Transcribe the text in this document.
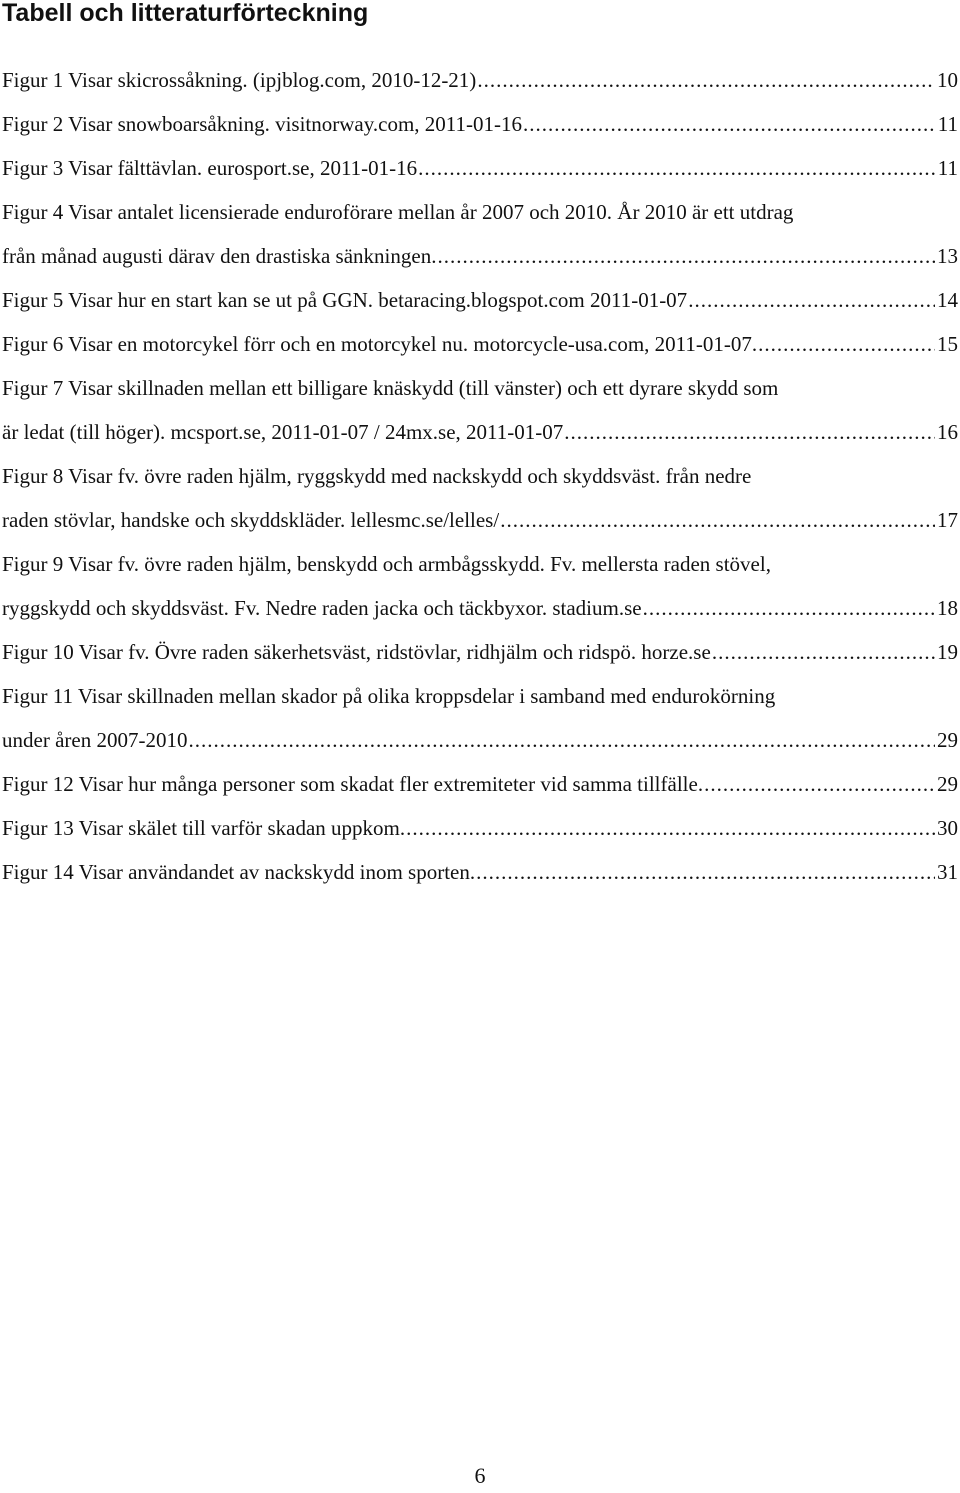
Tabell och litteraturförteckning
Figur 1 Visar skicrossåkning. (ipjblog.com, 2010-12-21) .....	10
Figur 2 Visar snowboarsåkning. visitnorway.com, 2011-01-16 .....	11
Figur 3 Visar fälttävlan. eurosport.se, 2011-01-16 .....	11
Figur 4 Visar antalet licensierade enduroförare mellan år 2007 och 2010. År 2010 är ett utdrag
från månad augusti därav den drastiska sänkningen. .....	13
Figur 5 Visar hur en start kan se ut på GGN. betaracing.blogspot.com 2011-01-07 .....	14
Figur 6 Visar en motorcykel förr och en motorcykel nu. motorcycle-usa.com, 2011-01-07. .....	15
Figur 7 Visar skillnaden mellan ett billigare knäskydd (till vänster) och ett dyrare skydd som
är ledat (till höger). mcsport.se, 2011-01-07 / 24mx.se, 2011-01-07 .....	16
Figur 8 Visar fv. övre raden hjälm, ryggskydd med nackskydd och skyddsväst. från nedre
raden stövlar, handske och skyddskläder. lellesmc.se/lelles/ .....	17
Figur 9 Visar fv. övre raden hjälm, benskydd och armbågsskydd. Fv. mellersta raden stövel,
ryggskydd och skyddsväst. Fv. Nedre raden jacka och täckbyxor. stadium.se .....	18
Figur 10 Visar fv. Övre raden säkerhetsväst, ridstövlar, ridhjälm och ridspö. horze.se .....	19
Figur 11 Visar skillnaden mellan skador på olika kroppsdelar i samband med endurokörning
under åren 2007-2010 .....	29
Figur 12 Visar hur många personer som skadat fler extremiteter vid samma tillfälle. .....	29
Figur 13 Visar skälet till varför skadan uppkom. .....	30
Figur 14 Visar användandet av nackskydd inom sporten. .....	31
6
